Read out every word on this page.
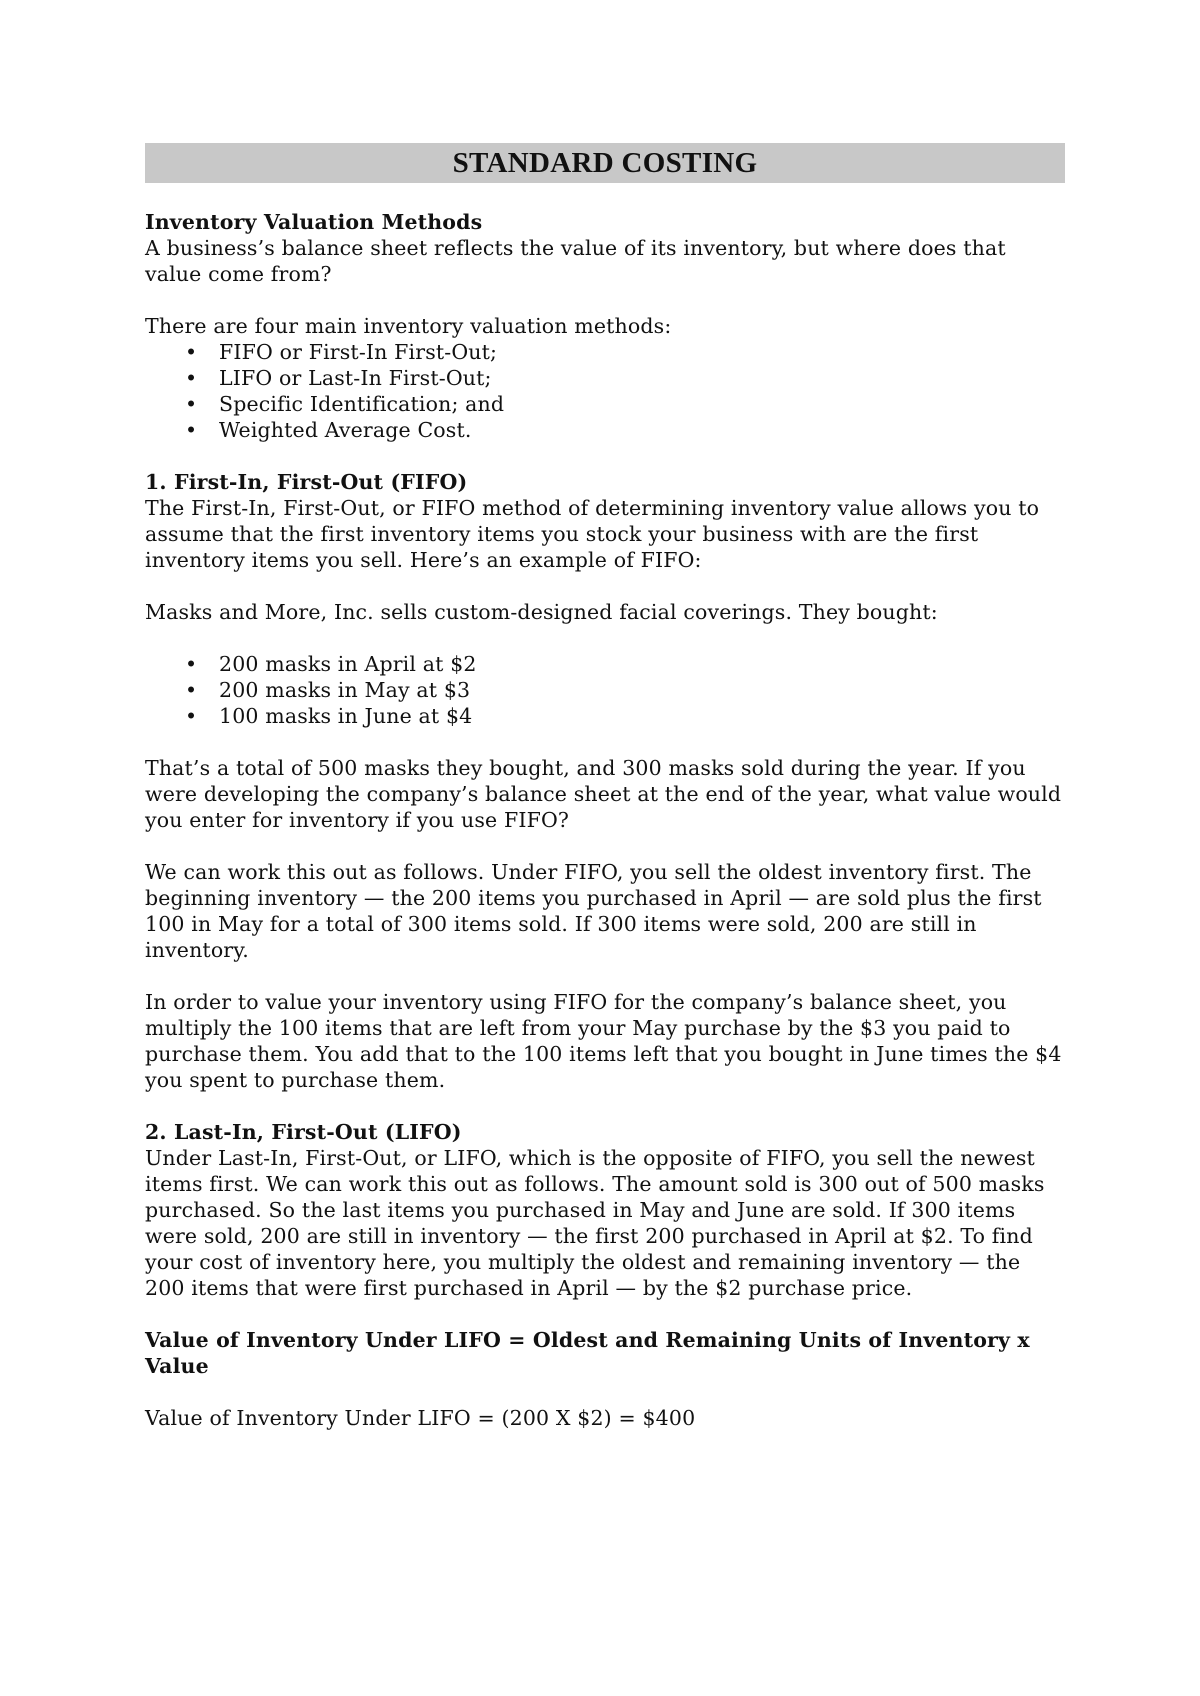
STANDARD COSTING

Inventory Valuation Methods

A business’s balance sheet reflects the value of its inventory, but where does that value come from?

There are four main inventory valuation methods:

•	FIFO or First-In First-Out;
•	LIFO or Last-In First-Out;
•	Specific Identification; and
•	Weighted Average Cost.

1. First-In, First-Out (FIFO)

The First-In, First-Out, or FIFO method of determining inventory value allows you to assume that the first inventory items you stock your business with are the first inventory items you sell. Here’s an example of FIFO:

Masks and More, Inc. sells custom-designed facial coverings. They bought:

•	200 masks in April at $2
•	200 masks in May at $3
•	100 masks in June at $4

That’s a total of 500 masks they bought, and 300 masks sold during the year. If you were developing the company’s balance sheet at the end of the year, what value would you enter for inventory if you use FIFO?

We can work this out as follows. Under FIFO, you sell the oldest inventory first. The beginning inventory — the 200 items you purchased in April — are sold plus the first 100 in May for a total of 300 items sold. If 300 items were sold, 200 are still in inventory.

In order to value your inventory using FIFO for the company’s balance sheet, you multiply the 100 items that are left from your May purchase by the $3 you paid to purchase them. You add that to the 100 items left that you bought in June times the $4 you spent to purchase them.

2. Last-In, First-Out (LIFO)

Under Last-In, First-Out, or LIFO, which is the opposite of FIFO, you sell the newest items first. We can work this out as follows. The amount sold is 300 out of 500 masks purchased. So the last items you purchased in May and June are sold. If 300 items were sold, 200 are still in inventory — the first 200 purchased in April at $2. To find your cost of inventory here, you multiply the oldest and remaining inventory — the 200 items that were first purchased in April — by the $2 purchase price.

Value of Inventory Under LIFO = Oldest and Remaining Units of Inventory x Value

Value of Inventory Under LIFO = (200 X $2) = $400
